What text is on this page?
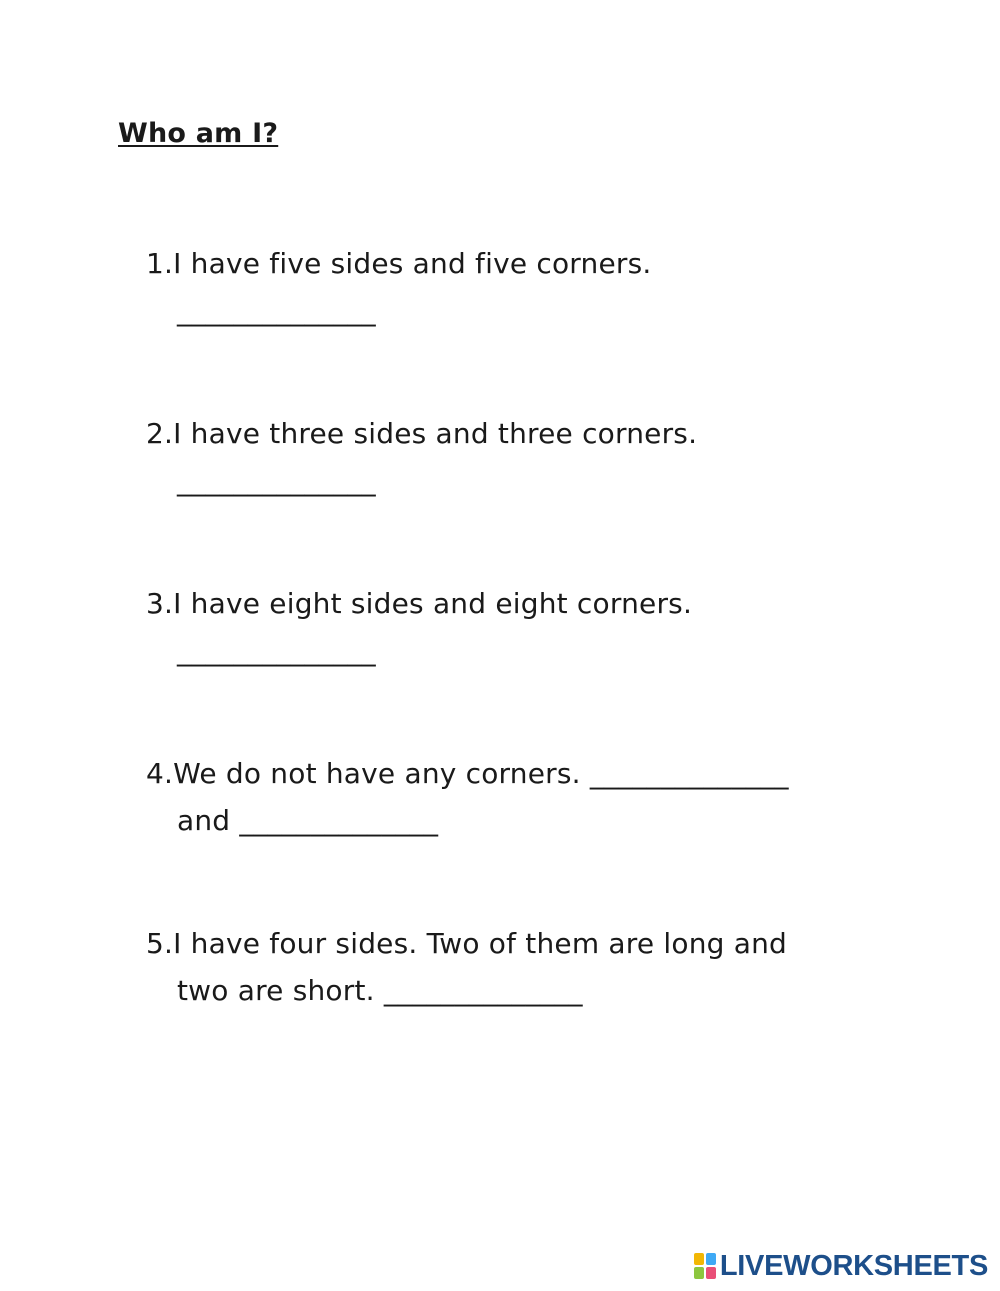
Who am I?
1.I have five sides and five corners.
______________
2.I have three sides and three corners.
______________
3.I have eight sides and eight corners.
______________
4.We do not have any corners. ______________
and ______________
5.I have four sides. Two of them are long and
two are short. ______________
LIVEWORKSHEETS
